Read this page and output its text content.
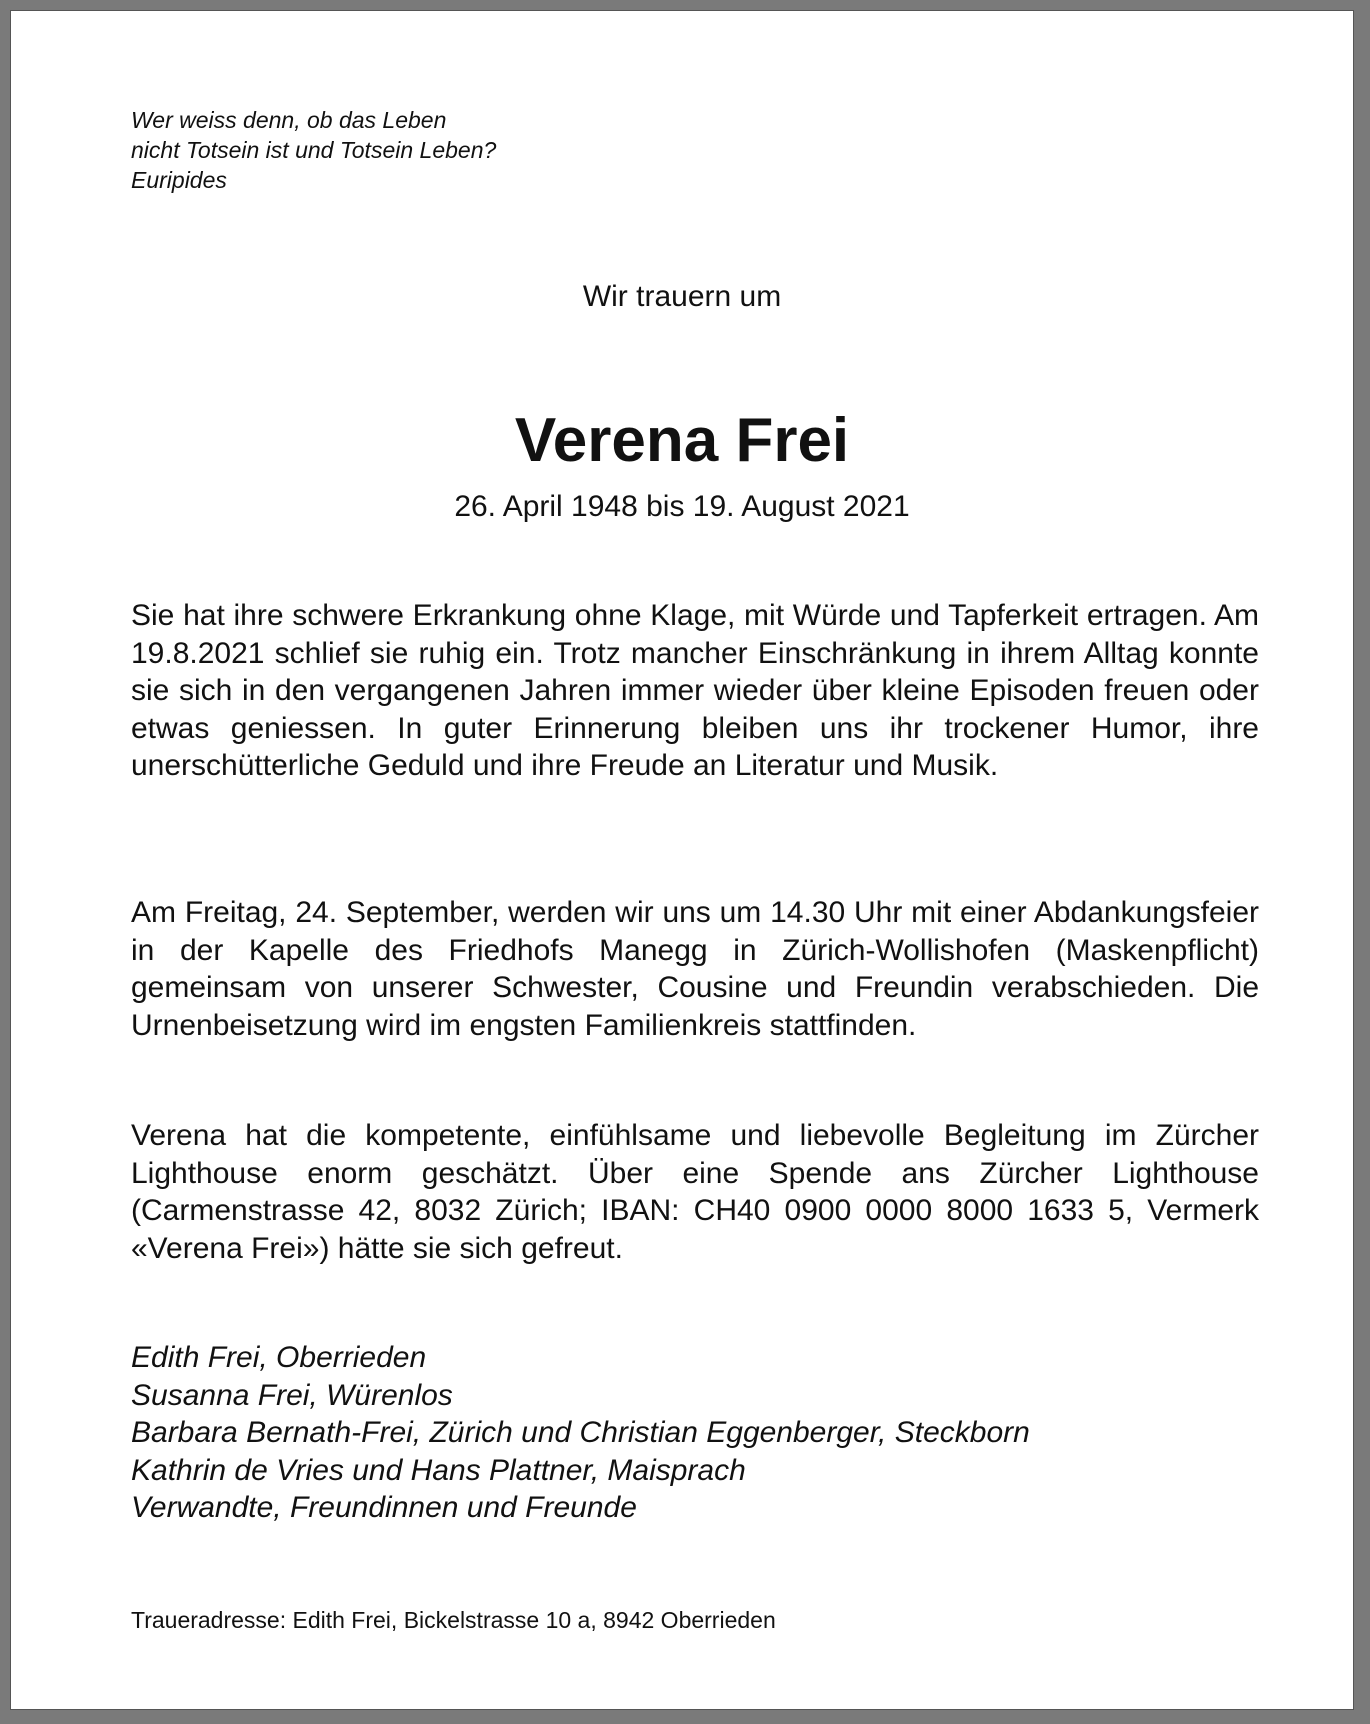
Wer weiss denn, ob das Leben
nicht Totsein ist und Totsein Leben?
Euripides
Wir trauern um
Verena Frei
26. April 1948 bis 19. August 2021
Sie hat ihre schwere Erkrankung ohne Klage, mit Würde und Tapferkeit ertragen. Am 19.8.2021 schlief sie ruhig ein. Trotz mancher Einschränkung in ihrem Alltag konnte sie sich in den vergangenen Jahren immer wieder über kleine Episoden freuen oder etwas geniessen. In guter Erinnerung bleiben uns ihr trockener Humor, ihre unerschütterliche Geduld und ihre Freude an Literatur und Musik.
Am Freitag, 24. September, werden wir uns um 14.30 Uhr mit einer Abdankungsfeier in der Kapelle des Friedhofs Manegg in Zürich-Wollishofen (Maskenpflicht) gemeinsam von unserer Schwester, Cousine und Freundin verabschieden. Die Urnenbeisetzung wird im engsten Familienkreis stattfinden.
Verena hat die kompetente, einfühlsame und liebevolle Begleitung im Zürcher Lighthouse enorm geschätzt. Über eine Spende ans Zürcher Lighthouse (Carmenstrasse 42, 8032 Zürich; IBAN: CH40 0900 0000 8000 1633 5, Vermerk «Verena Frei») hätte sie sich gefreut.
Edith Frei, Oberrieden
Susanna Frei, Würenlos
Barbara Bernath-Frei, Zürich und Christian Eggenberger, Steckborn
Kathrin de Vries und Hans Plattner, Maisprach
Verwandte, Freundinnen und Freunde
Traueradresse: Edith Frei, Bickelstrasse 10 a, 8942 Oberrieden
